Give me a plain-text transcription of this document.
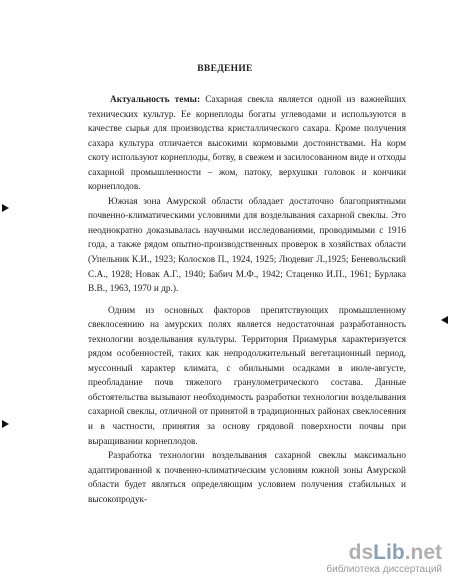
ВВЕДЕНИЕ

Актуальность темы: Сахарная свекла является одной из важнейших технических культур. Ее корнеплоды богаты углеводами и используются в качестве сырья для производства кристаллического сахара. Кроме получения сахара культура отличается высокими кормовыми достоинствами. На корм скоту используют корнеплоды, ботву, в свежем и засилосованном виде и отходы сахарной промышленности – жом, патоку, верхушки головок и кончики корнеплодов.

Южная зона Амурской области обладает достаточно благоприятными почвенно-климатическими условиями для возделывания сахарной свеклы. Это неоднократно доказывалась научными исследованиями, проводимыми с 1916 года, а также рядом опытно-производственных проверок в хозяйствах области (Упельник К.И., 1923; Колосков П., 1924, 1925; Людевиг Л.,1925; Беневольский С.А., 1928; Новак А.Г., 1940; Бабич М.Ф., 1942; Стаценко И.П., 1961; Бурлака В.В., 1963, 1970 и др.).

Одним из основных факторов препятствующих промышленному свеклосеянию на амурских полях является недостаточная разработанность технологии возделывания культуры. Территория Приамурья характеризуется рядом особенностей, таких как непродолжительный вегетационный период, муссонный характер климата, с обильными осадками в июле-августе, преобладание почв тяжелого гранулометрического состава. Данные обстоятельства вызывают необходимость разработки технологии возделывания сахарной свеклы, отличной от принятой в традиционных районах свеклосеяния и в частности, принятия за основу грядовой поверхности почвы при выращивании корнеплодов.

Разработка технологии возделывания сахарной свеклы максимально адаптированной к почвенно-климатическим условиям южной зоны Амурской области будет являться определяющим условием получения стабильных и высокопродук-

dsLib.net
библиотека диссертаций
